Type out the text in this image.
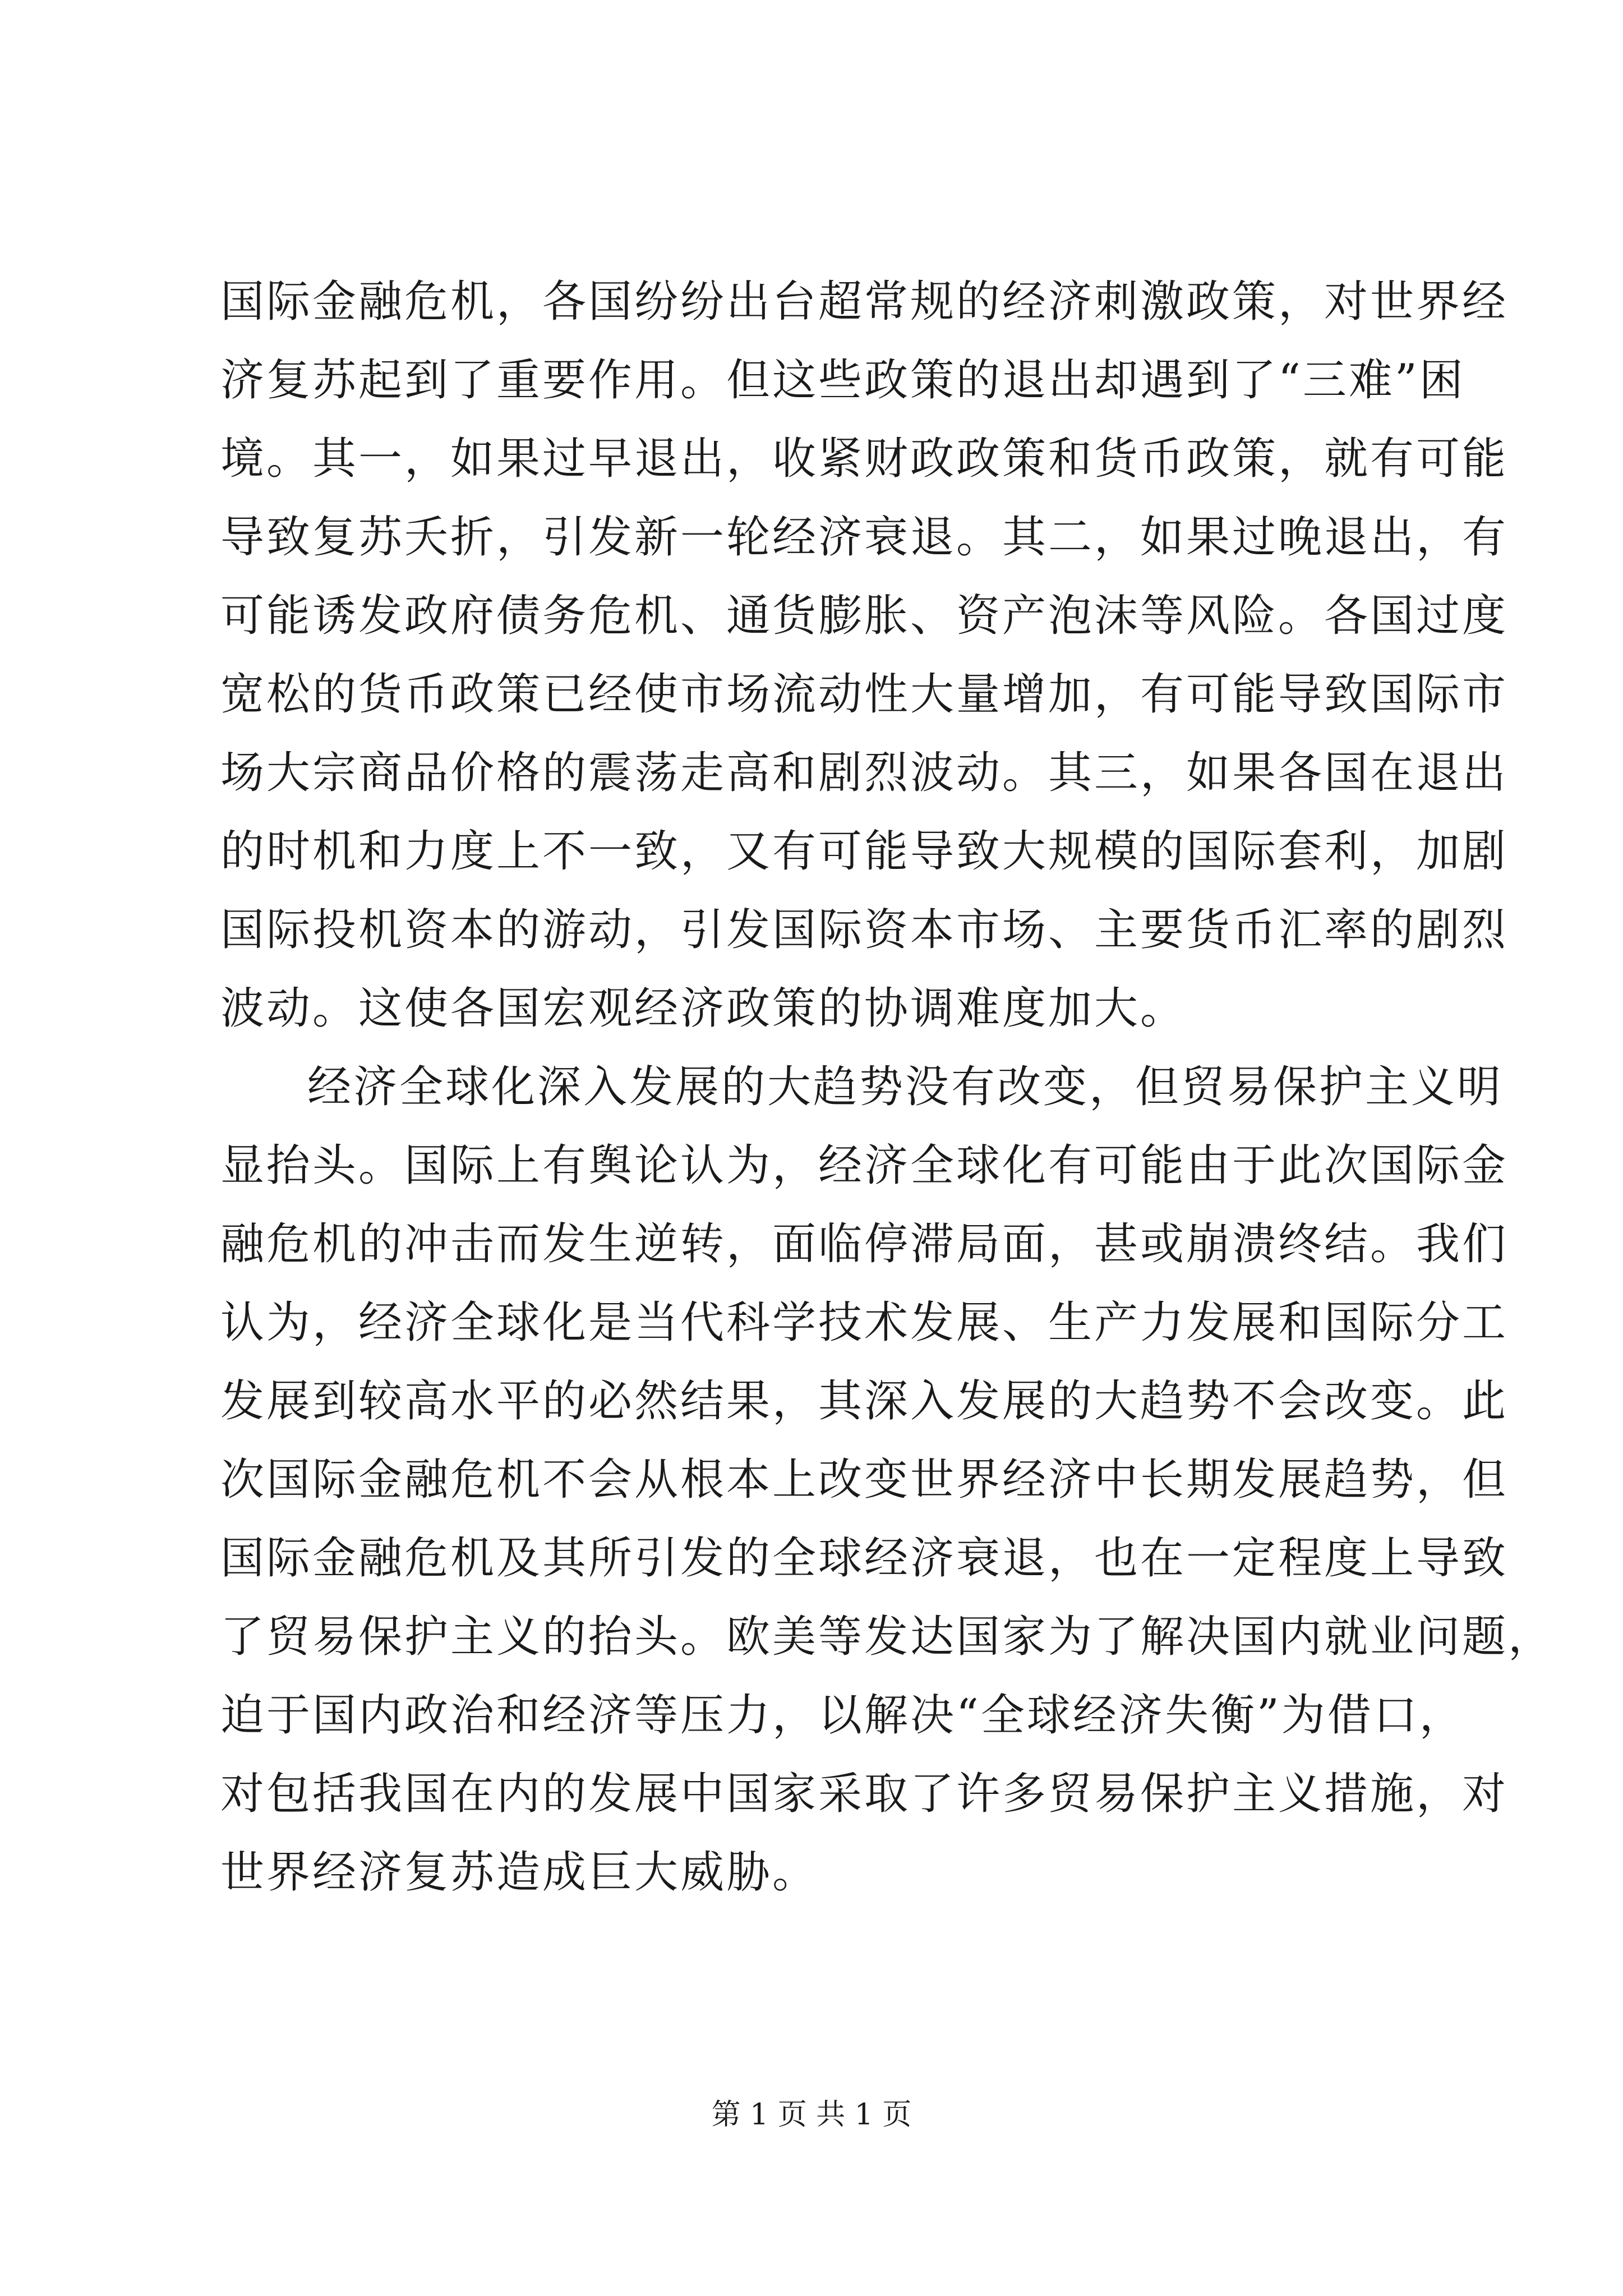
国际金融危机，各国纷纷出台超常规的经济刺激政策，对世界经
济复苏起到了重要作用。但这些政策的退出却遇到了“三难”困
境。其一，如果过早退出，收紧财政政策和货币政策，就有可能
导致复苏夭折，引发新一轮经济衰退。其二，如果过晚退出，有
可能诱发政府债务危机、通货膨胀、资产泡沫等风险。各国过度
宽松的货币政策已经使市场流动性大量增加，有可能导致国际市
场大宗商品价格的震荡走高和剧烈波动。其三，如果各国在退出
的时机和力度上不一致，又有可能导致大规模的国际套利，加剧
国际投机资本的游动，引发国际资本市场、主要货币汇率的剧烈
波动。这使各国宏观经济政策的协调难度加大。
经济全球化深入发展的大趋势没有改变，但贸易保护主义明
显抬头。国际上有舆论认为，经济全球化有可能由于此次国际金
融危机的冲击而发生逆转，面临停滞局面，甚或崩溃终结。我们
认为，经济全球化是当代科学技术发展、生产力发展和国际分工
发展到较高水平的必然结果，其深入发展的大趋势不会改变。此
次国际金融危机不会从根本上改变世界经济中长期发展趋势，但
国际金融危机及其所引发的全球经济衰退，也在一定程度上导致
了贸易保护主义的抬头。欧美等发达国家为了解决国内就业问题，
迫于国内政治和经济等压力，以解决“全球经济失衡”为借口，
对包括我国在内的发展中国家采取了许多贸易保护主义措施，对
世界经济复苏造成巨大威胁。
第 1 页 共 1 页
